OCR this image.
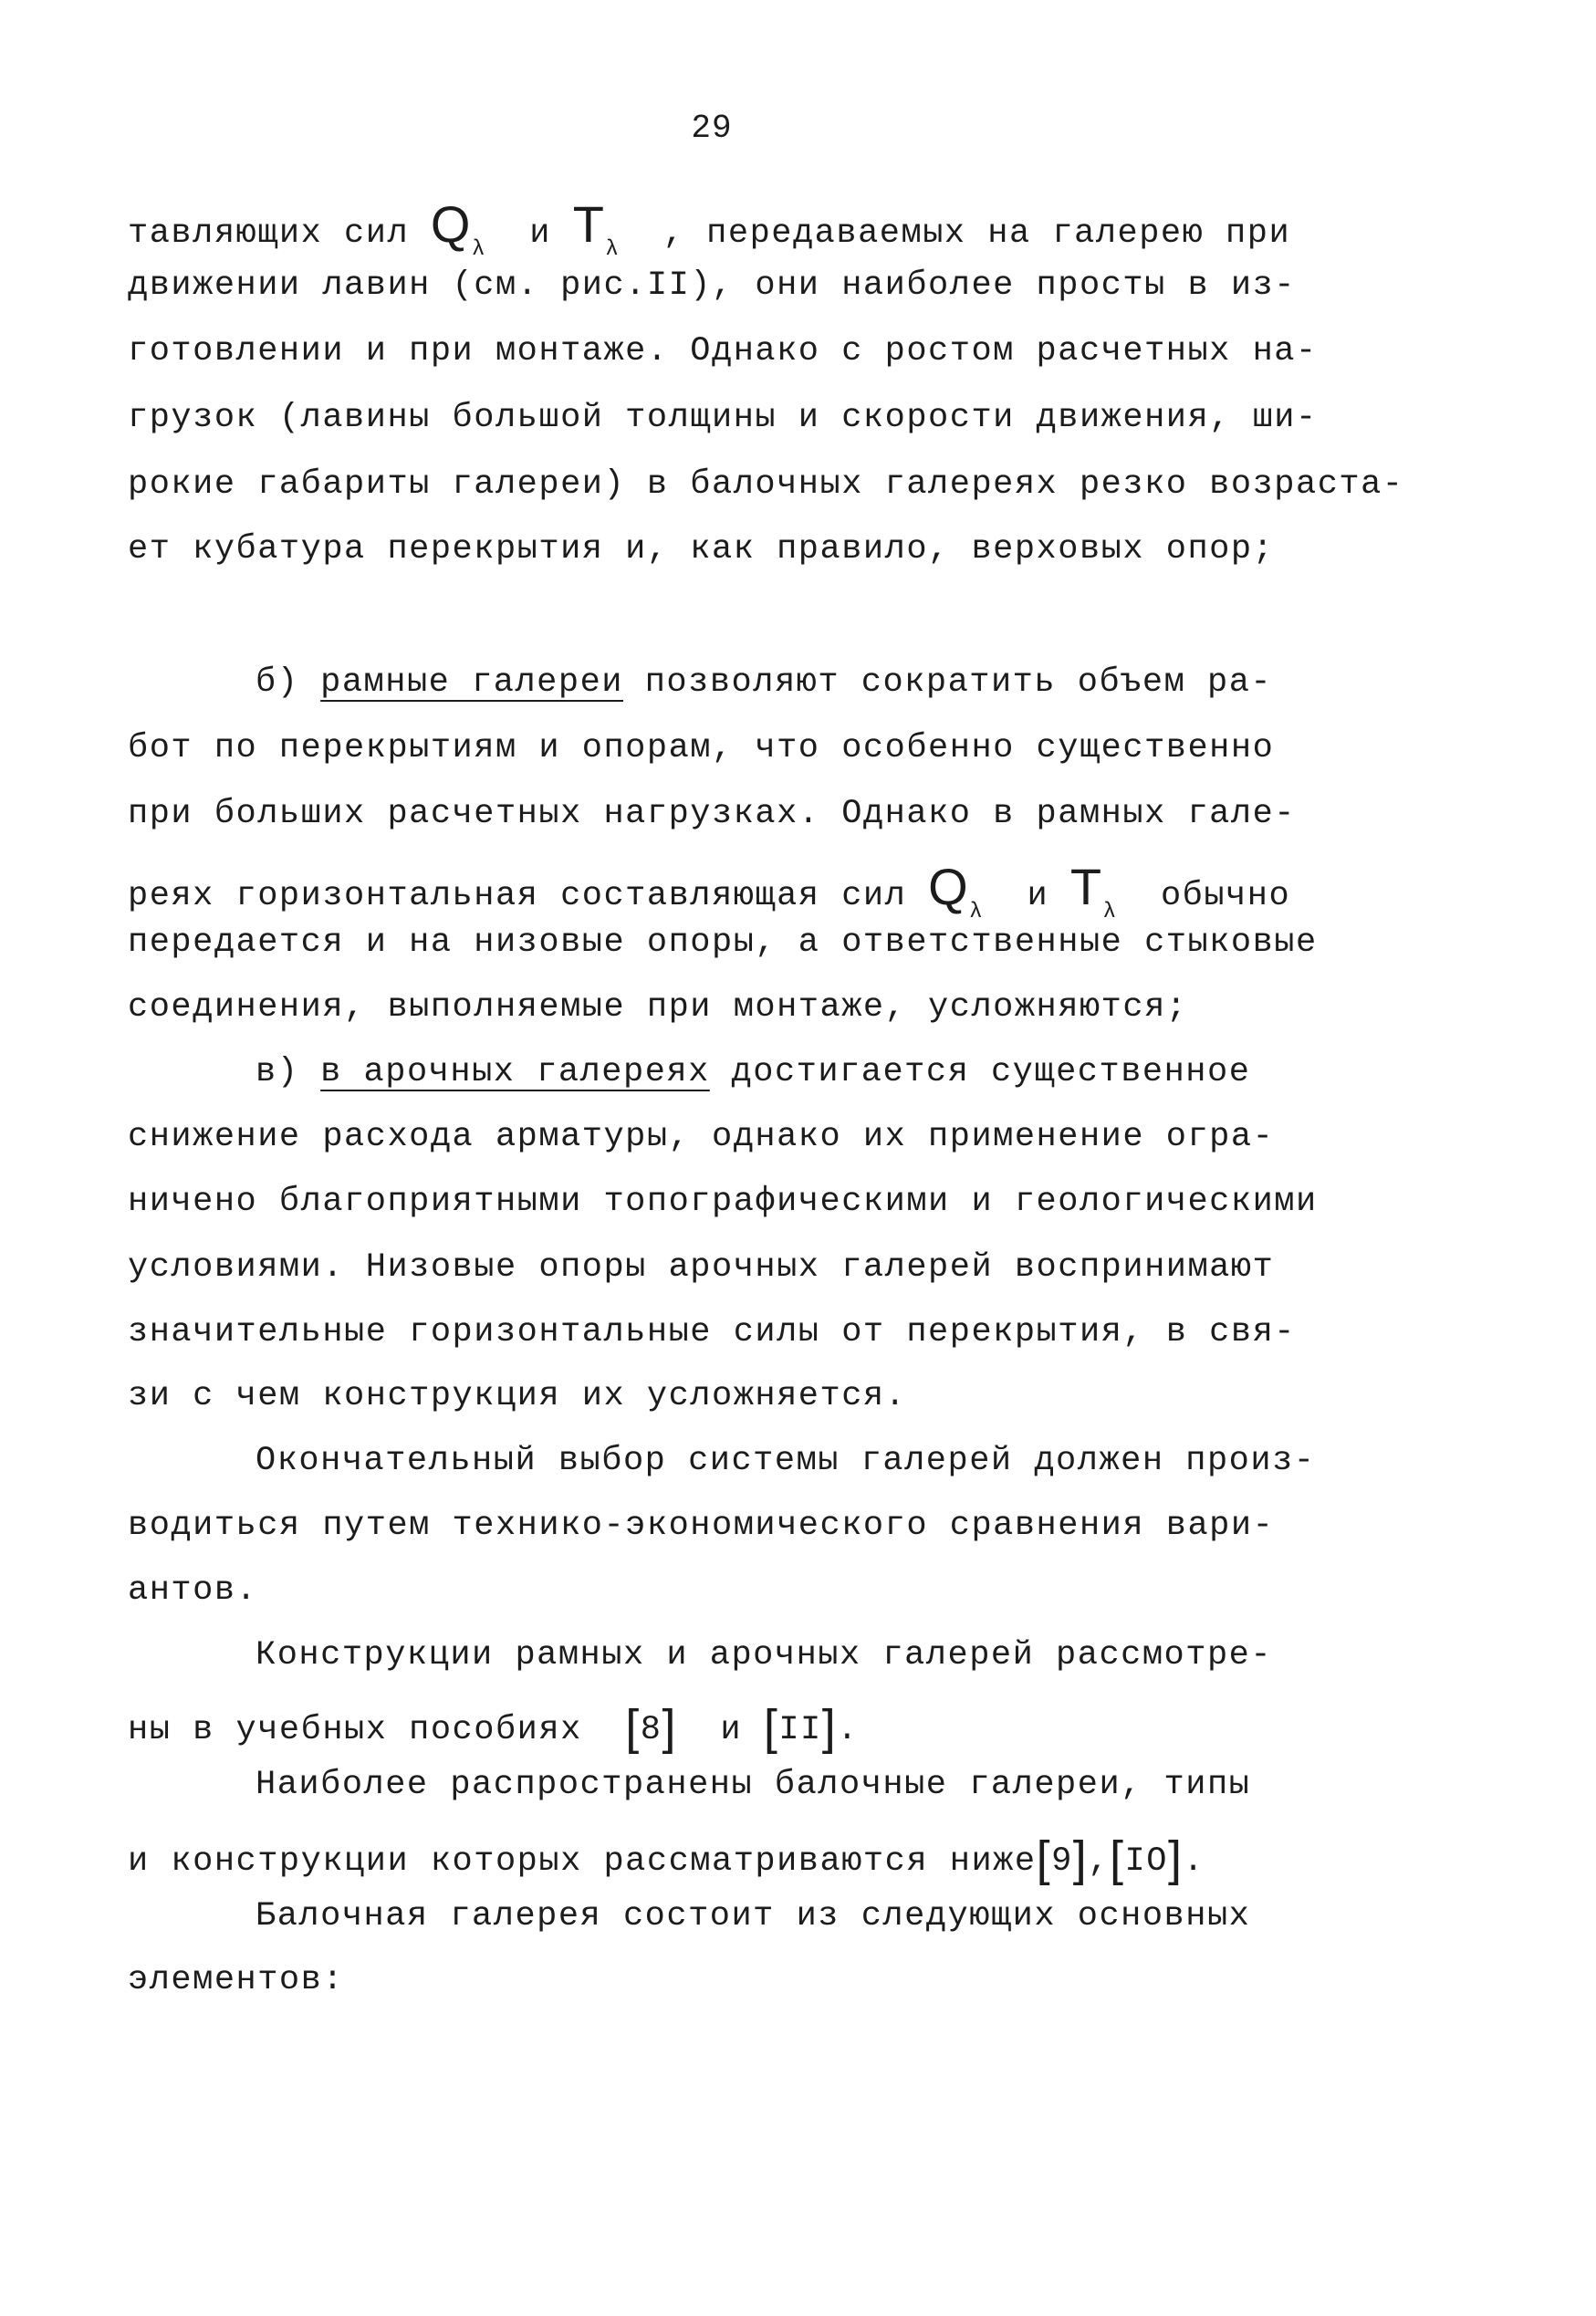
29
тавляющих сил $Q_\lambda$ и $T_\lambda$ , передаваемых на галерею при
движении лавин (см. рис.II), они наиболее просты в из-
готовлении и при монтаже. Однако с ростом расчетных на-
грузок (лавины большой толщины и скорости движения, ши-
рокие габариты галереи) в балочных галереях резко возраста-
ет кубатура перекрытия и, как правило, верховых опор;
б) рамные галереи позволяют сократить объем ра-
бот по перекрытиям и опорам, что особенно существенно
при больших расчетных нагрузках. Однако в рамных гале-
реях горизонтальная составляющая сил $Q_\lambda$ и $T_\lambda$ обычно
передается и на низовые опоры, а ответственные стыковые
соединения, выполняемые при монтаже, усложняются;
в) в арочных галереях достигается существенное
снижение расхода арматуры, однако их применение огра-
ничено благоприятными топографическими и геологическими
условиями. Низовые опоры арочных галерей воспринимают
значительные горизонтальные силы от перекрытия, в свя-
зи с чем конструкция их усложняется.
Окончательный выбор системы галерей должен произ-
водиться путем технико-экономического сравнения вари-
антов.
Конструкции рамных и арочных галерей рассмотре-
ны в учебных пособиях [8] и [II].
Наиболее распространены балочные галереи, типы
и конструкции которых рассматриваются ниже[9],[IO].
Балочная галерея состоит из следующих основных
элементов:
